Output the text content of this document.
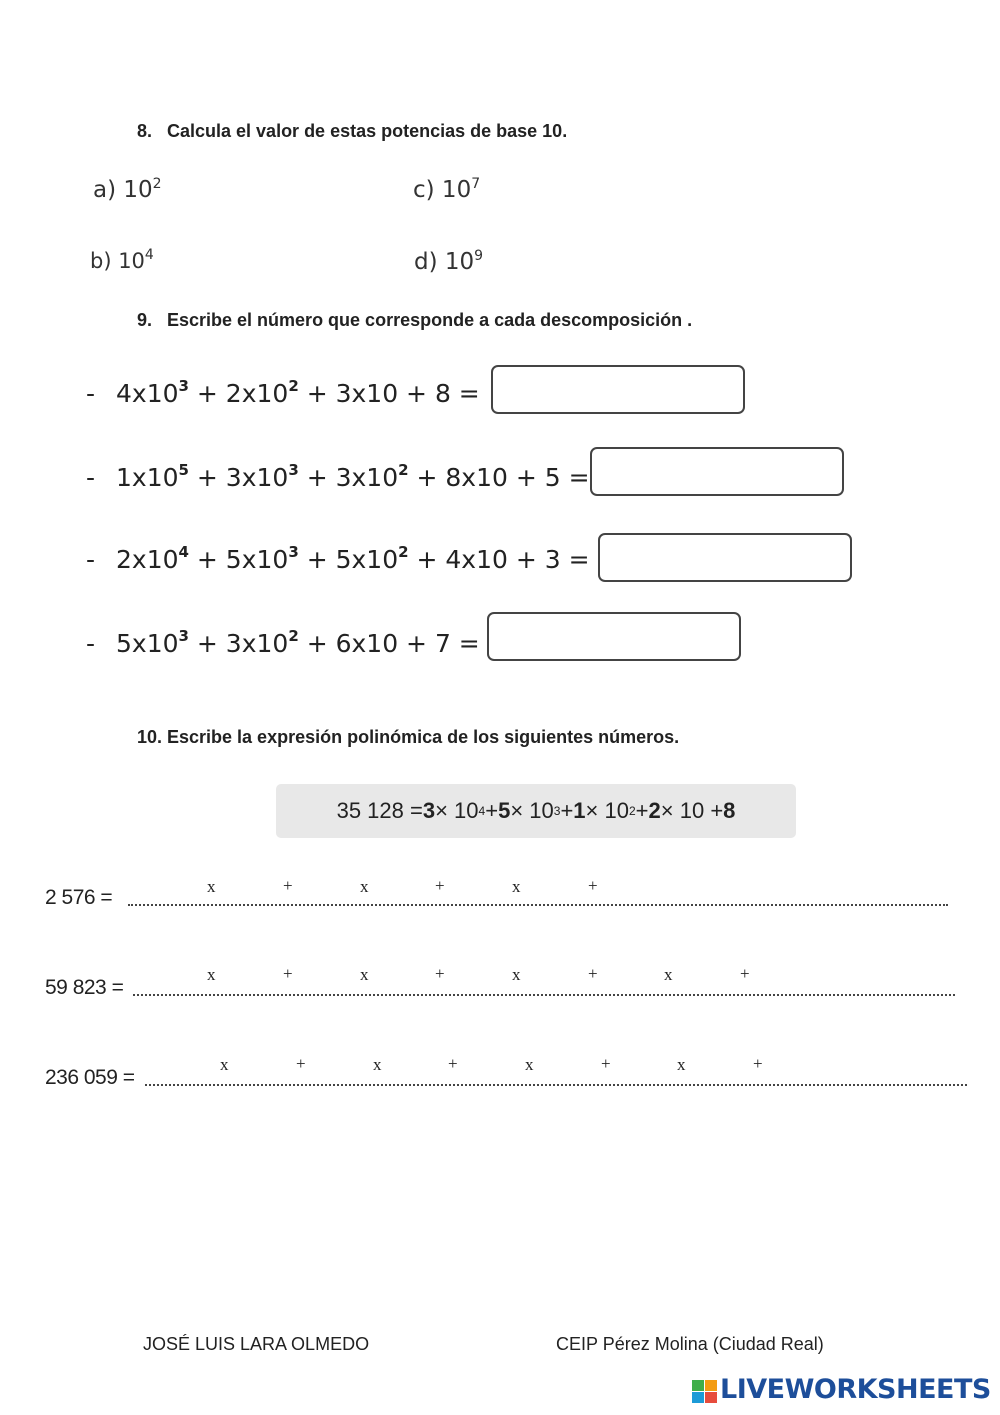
8. Calcula el valor de estas potencias de base 10.
a) $10^2$	c) $10^7$
b) $10^4$	d) $10^9$
9. Escribe el número que corresponde a cada descomposición .
- $4x10^3 + 2x10^2 + 3x10 + 8$ =
- $1x10^5 + 3x10^3 + 3x10^2 + 8x10 + 5$ =
- $2x10^4 + 5x10^3 + 5x10^2 + 4x10 + 3$ =
- $5x10^3 + 3x10^2 + 6x10 + 7$ =
10. Escribe la expresión polinómica de los siguientes números.
35 128 = 3 × 10 4 + 5 × 10 3 + 1 × 10 2 + 2 × 10 + 8
2 576 =	x	+	x	+	x	+
59 823 =
x	+	x	+	x	+	x	+
236 059 =
x	+	x	+	x	+	x	+
JOSÉ LUIS LARA OLMEDO	CEIP Pérez Molina (Ciudad Real)
LIVEWORKSHEETS
